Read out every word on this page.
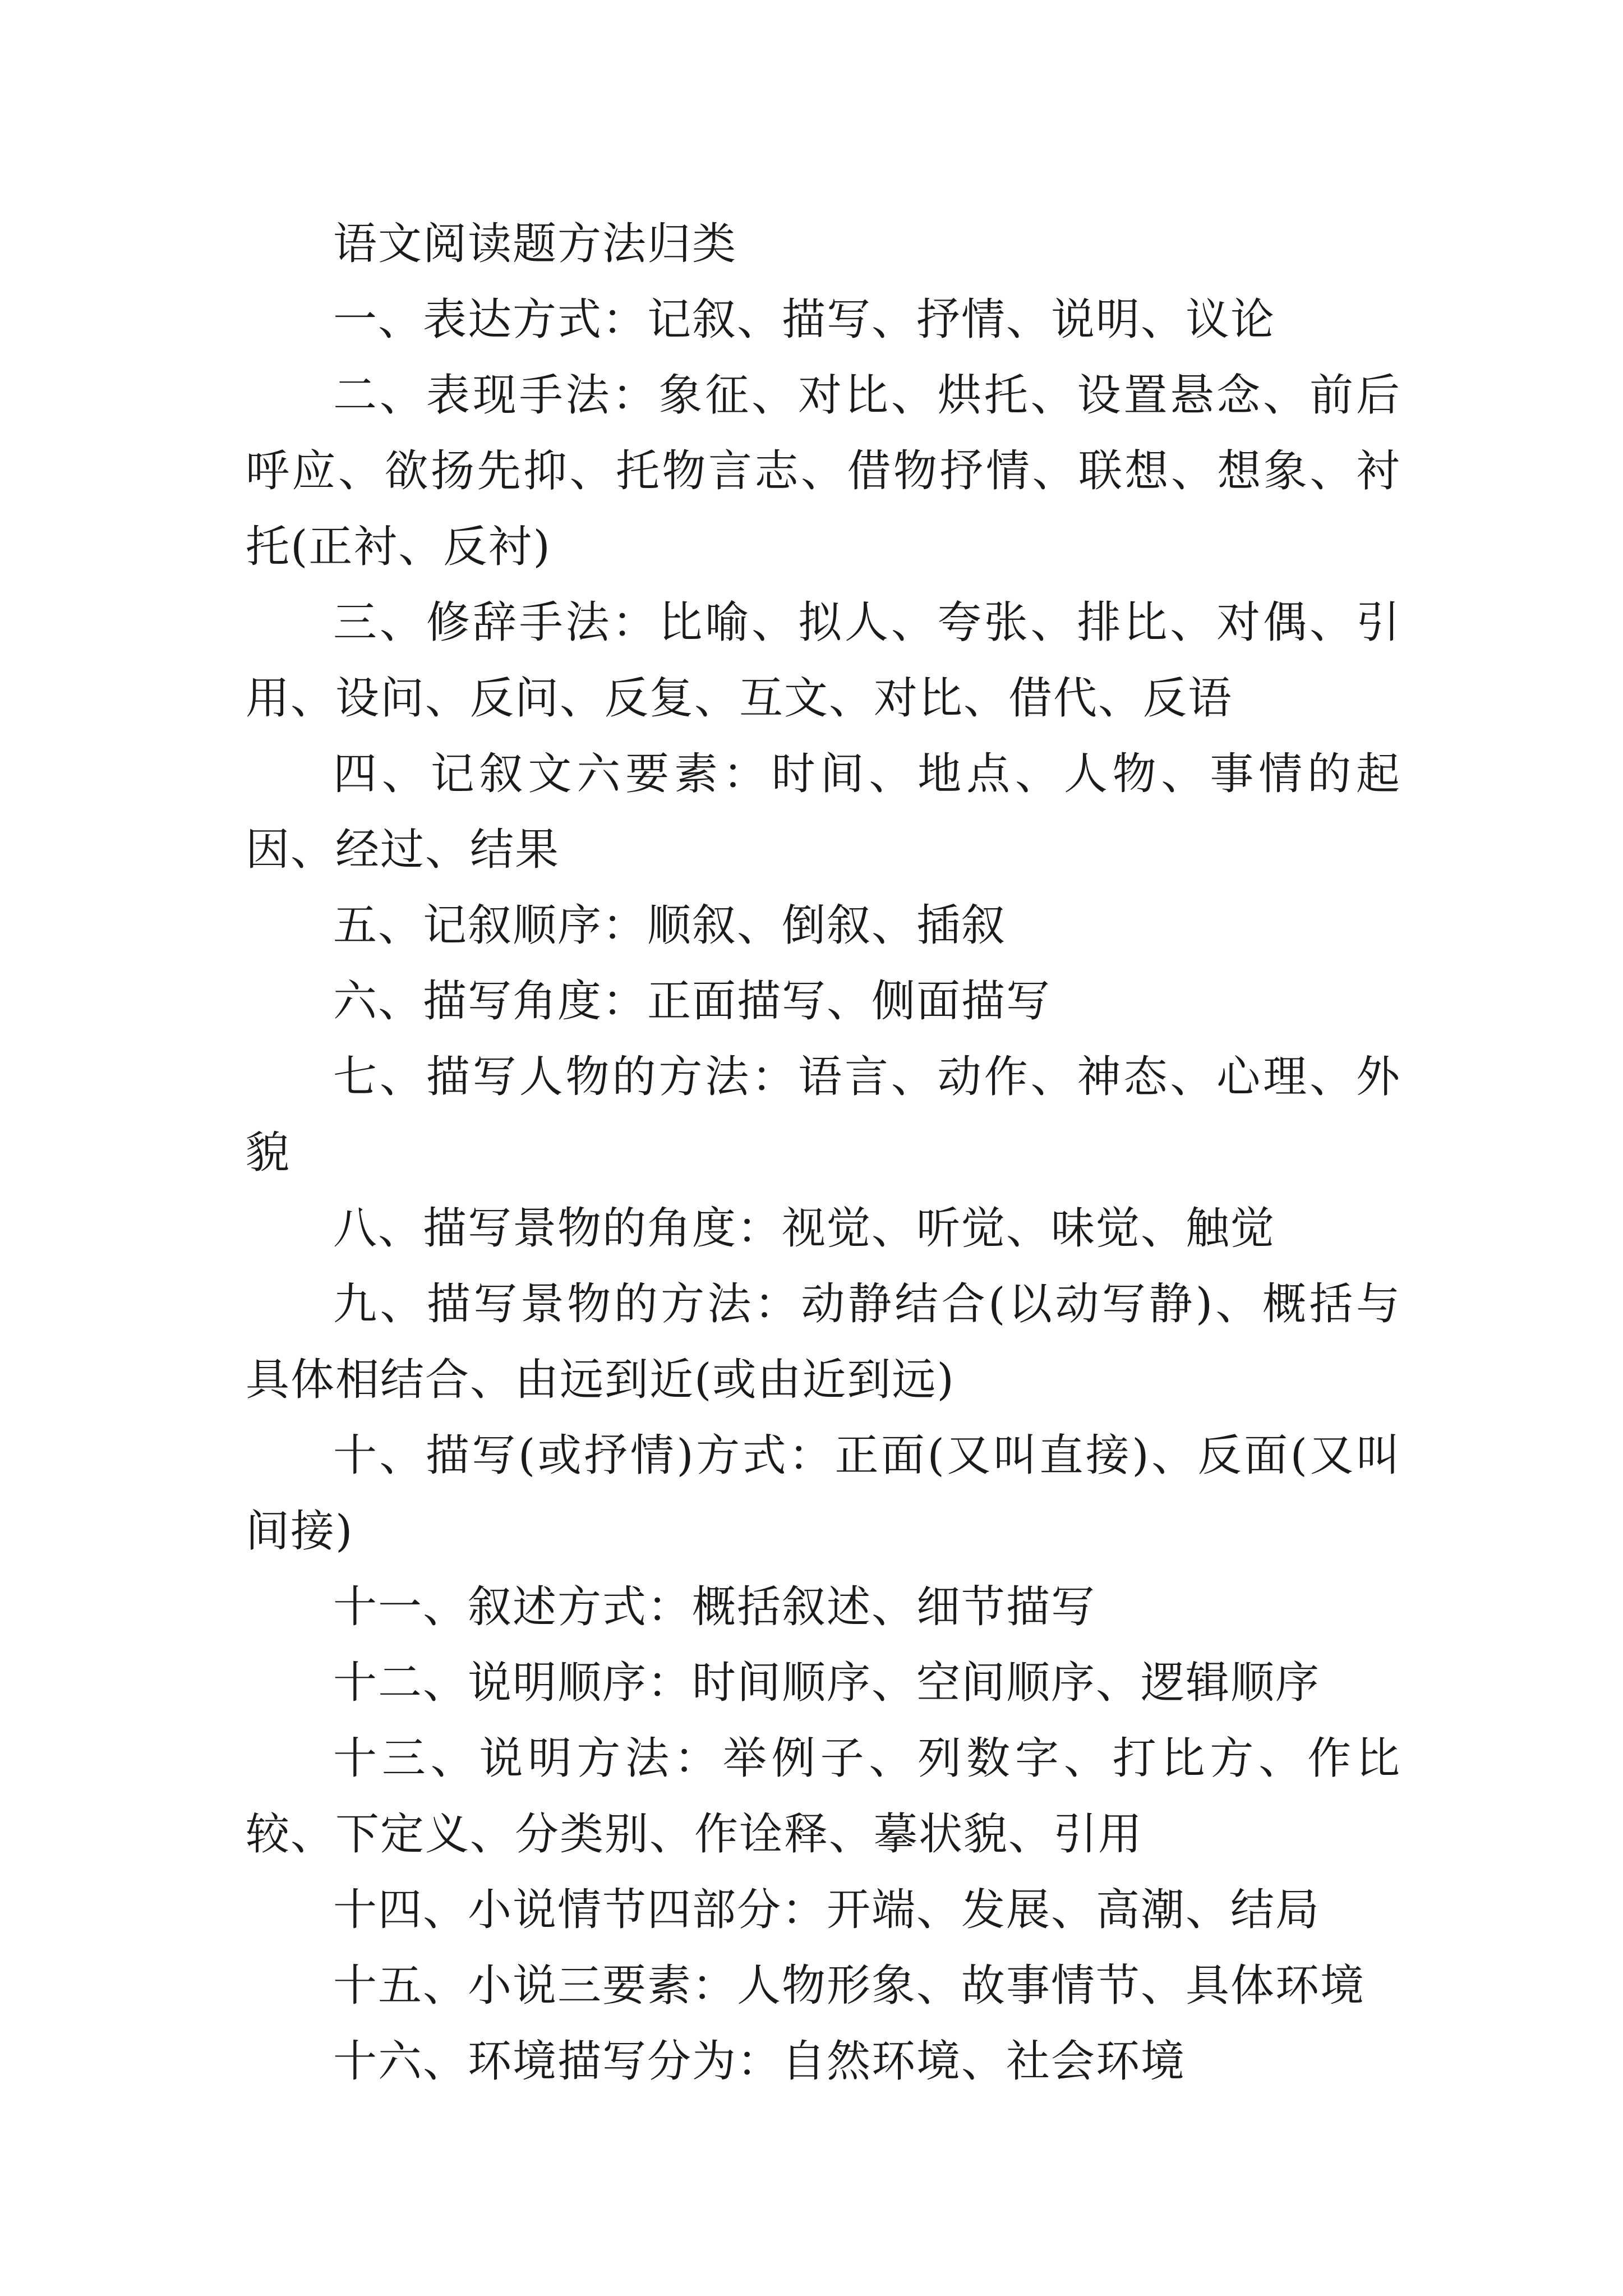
语文阅读题方法归类

一、表达方式：记叙、描写、抒情、说明、议论

二、表现手法：象征、对比、烘托、设置悬念、前后呼应、欲扬先抑、托物言志、借物抒情、联想、想象、衬托(正衬、反衬)

三、修辞手法：比喻、拟人、夸张、排比、对偶、引用、设问、反问、反复、互文、对比、借代、反语

四、记叙文六要素：时间、地点、人物、事情的起因、经过、结果

五、记叙顺序：顺叙、倒叙、插叙

六、描写角度：正面描写、侧面描写

七、描写人物的方法：语言、动作、神态、心理、外貌

八、描写景物的角度：视觉、听觉、味觉、触觉

九、描写景物的方法：动静结合(以动写静)、概括与具体相结合、由远到近(或由近到远)

十、描写(或抒情)方式：正面(又叫直接)、反面(又叫间接)

十一、叙述方式：概括叙述、细节描写

十二、说明顺序：时间顺序、空间顺序、逻辑顺序

十三、说明方法：举例子、列数字、打比方、作比较、下定义、分类别、作诠释、摹状貌、引用

十四、小说情节四部分：开端、发展、高潮、结局

十五、小说三要素：人物形象、故事情节、具体环境

十六、环境描写分为：自然环境、社会环境
